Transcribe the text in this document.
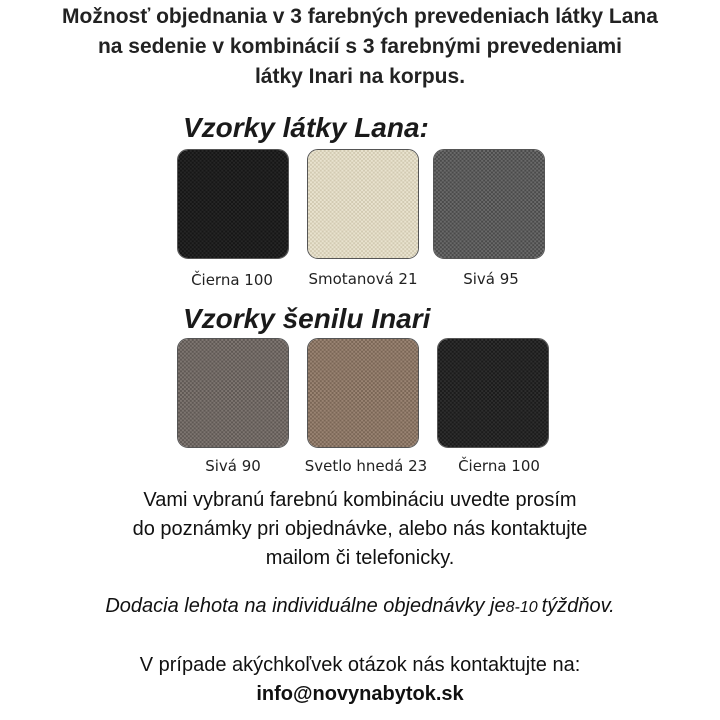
Možnosť objednania v 3 farebných prevedeniach látky Lana
na sedenie v kombinácií s 3 farebnými prevedeniami
látky Inari na korpus.
Vzorky látky Lana:
Čierna 100	Smotanová 21	Sivá 95
Vzorky šenilu Inari
Sivá 90	Svetlo hnedá 23	Čierna 100
Vami vybranú farebnú kombináciu uvedte prosím
do poznámky pri objednávke, alebo nás kontaktujte
mailom či telefonicky.
Dodacia lehota na individuálne objednávky je8-10  týždňov.
V prípade akýchkoľvek otázok nás kontaktujte na:
info@novynabytok.sk
